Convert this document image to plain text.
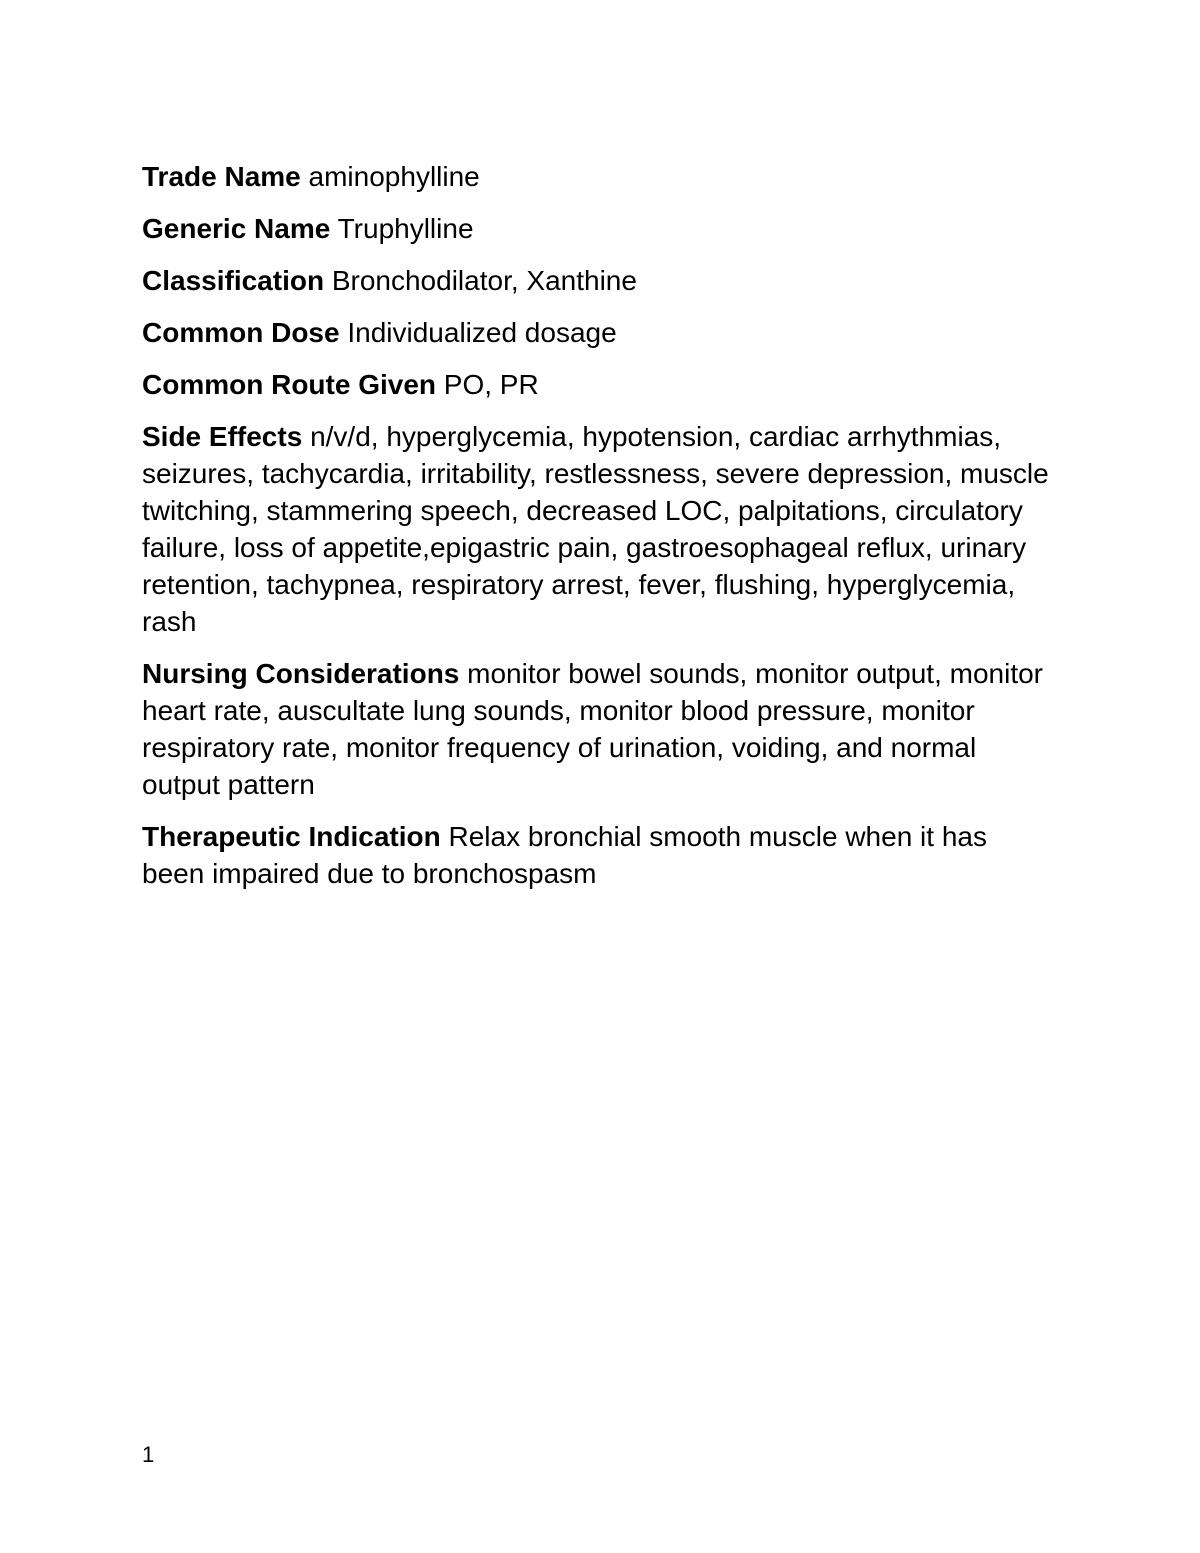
Trade Name aminophylline

Generic Name Truphylline

Classification Bronchodilator, Xanthine

Common Dose Individualized dosage

Common Route Given PO, PR

Side Effects n/v/d, hyperglycemia, hypotension, cardiac arrhythmias, seizures, tachycardia, irritability, restlessness, severe depression, muscle twitching, stammering speech, decreased LOC, palpitations, circulatory failure, loss of appetite,epigastric pain, gastroesophageal reflux, urinary retention, tachypnea, respiratory arrest, fever, flushing, hyperglycemia, rash

Nursing Considerations monitor bowel sounds, monitor output, monitor heart rate, auscultate lung sounds, monitor blood pressure, monitor respiratory rate, monitor frequency of urination, voiding, and normal output pattern

Therapeutic Indication Relax bronchial smooth muscle when it has been impaired due to bronchospasm

1
